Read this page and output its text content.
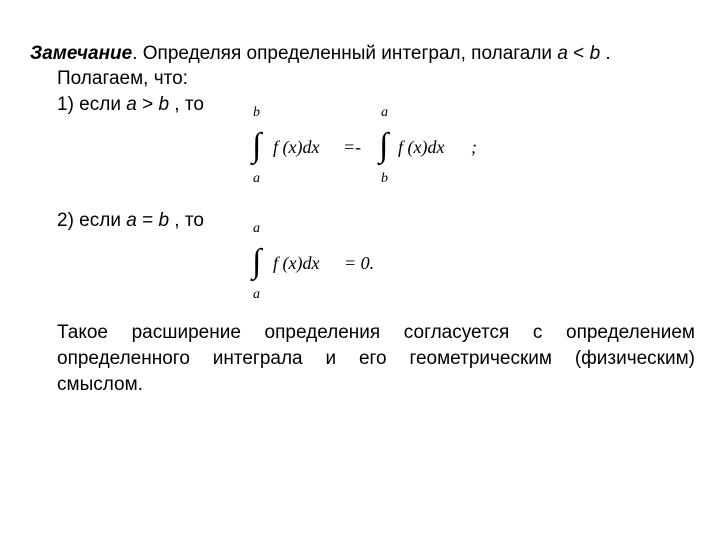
Замечание. Определяя определенный интеграл, полагали a < b .
Полагаем, что:
1) если a > b , то	b
∫
a
f (x)dx =-
a
∫
b
f (x)dx ;
2) если a = b , то	a
∫
a
f (x)dx = 0.
Такое расширение определения согласуется с определением определенного интеграла и его геометрическим (физическим) смыслом.
